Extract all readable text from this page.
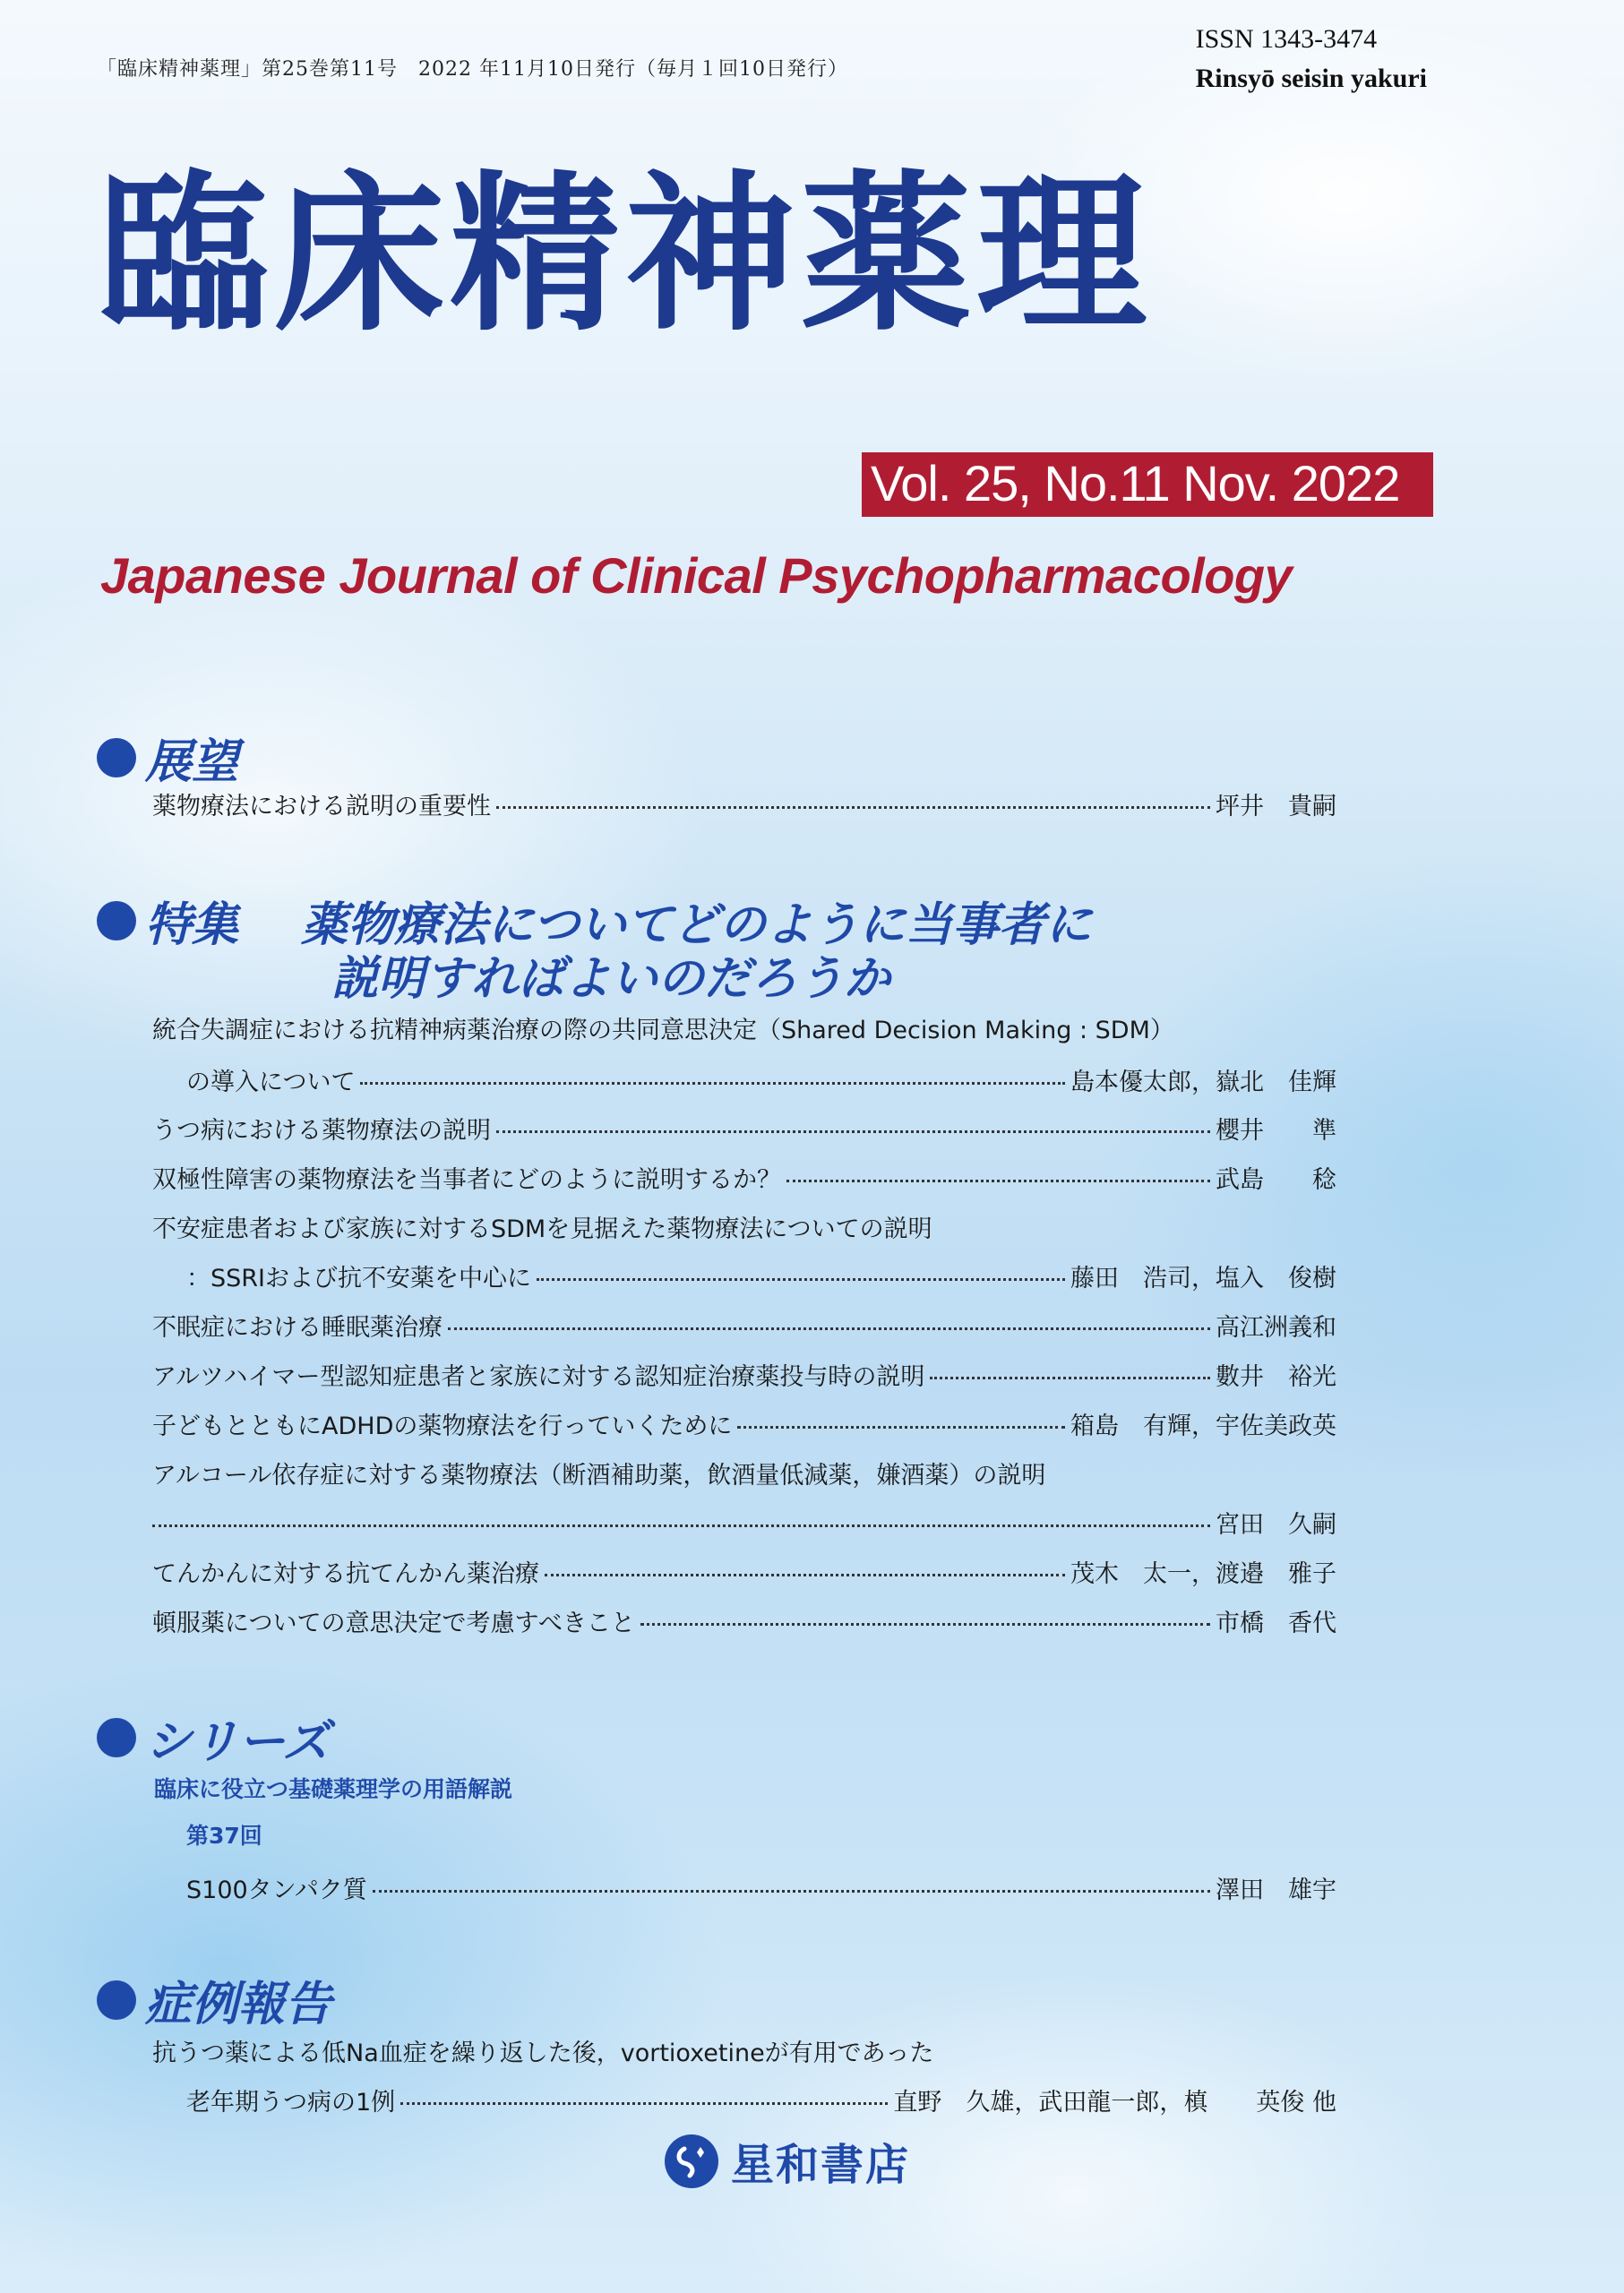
「臨床精神薬理」第25巻第11号　2022 年11月10日発行（毎月１回10日発行）
ISSN 1343-3474
Rinsyō seisin yakuri
臨床精神薬理
Vol. 25, No.11 Nov. 2022
Japanese Journal of Clinical Psychopharmacology
展望
薬物療法における説明の重要性	坪井　貴嗣
特集 薬物療法についてどのように当事者に
説明すればよいのだろうか
統合失調症における抗精神病薬治療の際の共同意思決定（Shared Decision Making : SDM）
の導入について	島本優太郎，嶽北　佳輝
うつ病における薬物療法の説明	櫻井　　準
双極性障害の薬物療法を当事者にどのように説明するか？	武島　　稔
不安症患者および家族に対するSDMを見据えた薬物療法についての説明
：SSRIおよび抗不安薬を中心に	藤田　浩司，塩入　俊樹
不眠症における睡眠薬治療	高江洲義和
アルツハイマー型認知症患者と家族に対する認知症治療薬投与時の説明	數井　裕光
子どもとともにADHDの薬物療法を行っていくために	箱島　有輝，宇佐美政英
アルコール依存症に対する薬物療法（断酒補助薬，飲酒量低減薬，嫌酒薬）の説明
宮田　久嗣
てんかんに対する抗てんかん薬治療	茂木　太一，渡邉　雅子
頓服薬についての意思決定で考慮すべきこと	市橋　香代
シリーズ
臨床に役立つ基礎薬理学の用語解説
第37回
S100タンパク質	澤田　雄宇
症例報告
抗うつ薬による低Na血症を繰り返した後，vortioxetineが有用であった
老年期うつ病の1例	直野　久雄，武田龍一郎，槙　　英俊 他
星和書店
